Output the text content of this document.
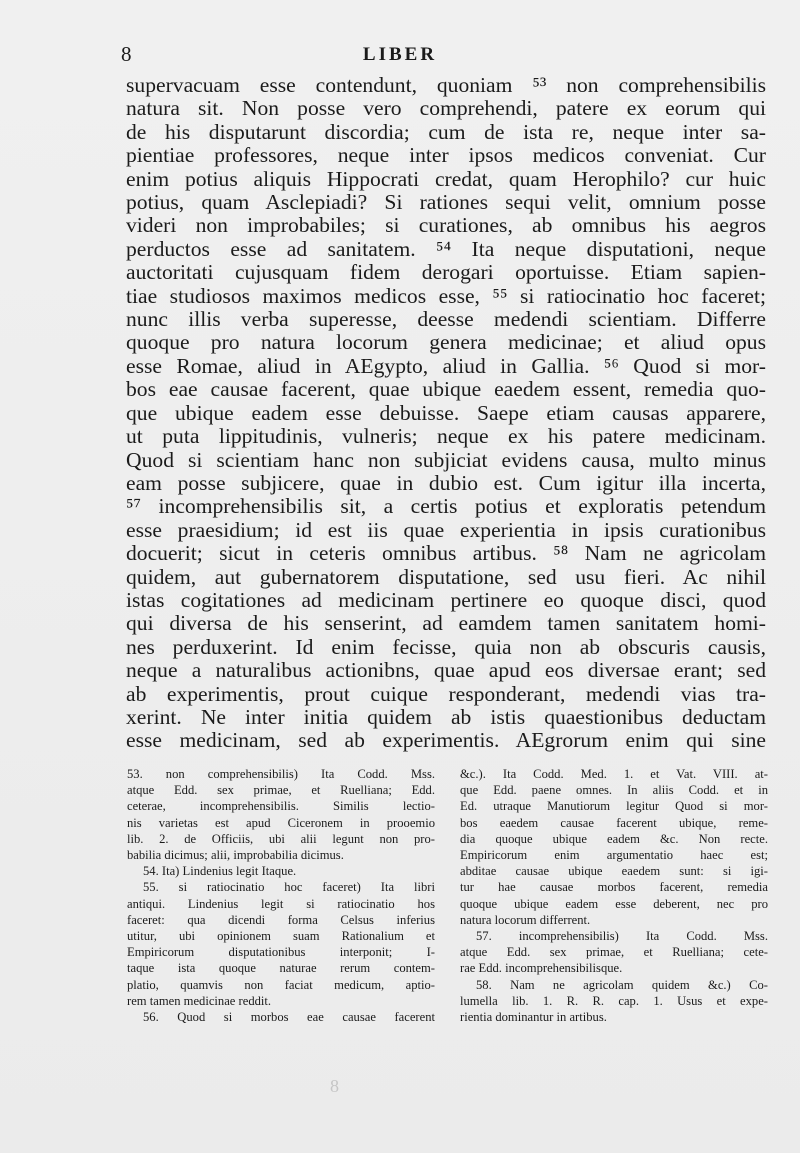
8	LIBER
supervacuam esse contendunt, quoniam ⁵³ non comprehensibilis
natura sit. Non posse vero comprehendi, patere ex eorum qui
de his disputarunt discordia; cum de ista re, neque inter sa-
pientiae professores, neque inter ipsos medicos conveniat. Cur
enim potius aliquis Hippocrati credat, quam Herophilo? cur huic
potius, quam Asclepiadi? Si rationes sequi velit, omnium posse
videri non improbabiles; si curationes, ab omnibus his aegros
perductos esse ad sanitatem. ⁵⁴ Ita neque disputationi, neque
auctoritati cujusquam fidem derogari oportuisse. Etiam sapien-
tiae studiosos maximos medicos esse, ⁵⁵ si ratiocinatio hoc faceret;
nunc illis verba superesse, deesse medendi scientiam. Differre
quoque pro natura locorum genera medicinae; et aliud opus
esse Romae, aliud in AEgypto, aliud in Gallia. ⁵⁶ Quod si mor-
bos eae causae facerent, quae ubique eaedem essent, remedia quo-
que ubique eadem esse debuisse. Saepe etiam causas apparere,
ut puta lippitudinis, vulneris; neque ex his patere medicinam.
Quod si scientiam hanc non subjiciat evidens causa, multo minus
eam posse subjicere, quae in dubio est. Cum igitur illa incerta,
⁵⁷ incomprehensibilis sit, a certis potius et exploratis petendum
esse praesidium; id est iis quae experientia in ipsis curationibus
docuerit; sicut in ceteris omnibus artibus. ⁵⁸ Nam ne agricolam
quidem, aut gubernatorem disputatione, sed usu fieri. Ac nihil
istas cogitationes ad medicinam pertinere eo quoque disci, quod
qui diversa de his senserint, ad eamdem tamen sanitatem homi-
nes perduxerint. Id enim fecisse, quia non ab obscuris causis,
neque a naturalibus actionibns, quae apud eos diversae erant; sed
ab experimentis, prout cuique responderant, medendi vias tra-
xerint. Ne inter initia quidem ab istis quaestionibus deductam
esse medicinam, sed ab experimentis. AEgrorum enim qui sine
53. non comprehensibilis) Ita Codd. Mss.
atque Edd. sex primae, et Ruelliana; Edd.
ceterae, incomprehensibilis. Similis lectio-
nis varietas est apud Ciceronem in prooemio
lib. 2. de Officiis, ubi alii legunt non pro-
babilia dicimus; alii, improbabilia dicimus.
54. Ita) Lindenius legit Itaque.
55. si ratiocinatio hoc faceret) Ita libri
antiqui. Lindenius legit si ratiocinatio hos
faceret: qua dicendi forma Celsus inferius
utitur, ubi opinionem suam Rationalium et
Empiricorum disputationibus interponit; I-
taque ista quoque naturae rerum contem-
platio, quamvis non faciat medicum, aptio-
rem tamen medicinae reddit.
56. Quod si morbos eae causae facerent
&c.). Ita Codd. Med. 1. et Vat. VIII. at-
que Edd. paene omnes. In aliis Codd. et in
Ed. utraque Manutiorum legitur Quod si mor-
bos eaedem causae facerent ubique, reme-
dia quoque ubique eadem &c. Non recte.
Empiricorum enim argumentatio haec est;
abditae causae ubique eaedem sunt: si igi-
tur hae causae morbos facerent, remedia
quoque ubique eadem esse deberent, nec pro
natura locorum differrent.
57. incomprehensibilis) Ita Codd. Mss.
atque Edd. sex primae, et Ruelliana; cete-
rae Edd. incomprehensibilisque.
58. Nam ne agricolam quidem &c.) Co-
lumella lib. 1. R. R. cap. 1. Usus et expe-
rientia dominantur in artibus.
8
